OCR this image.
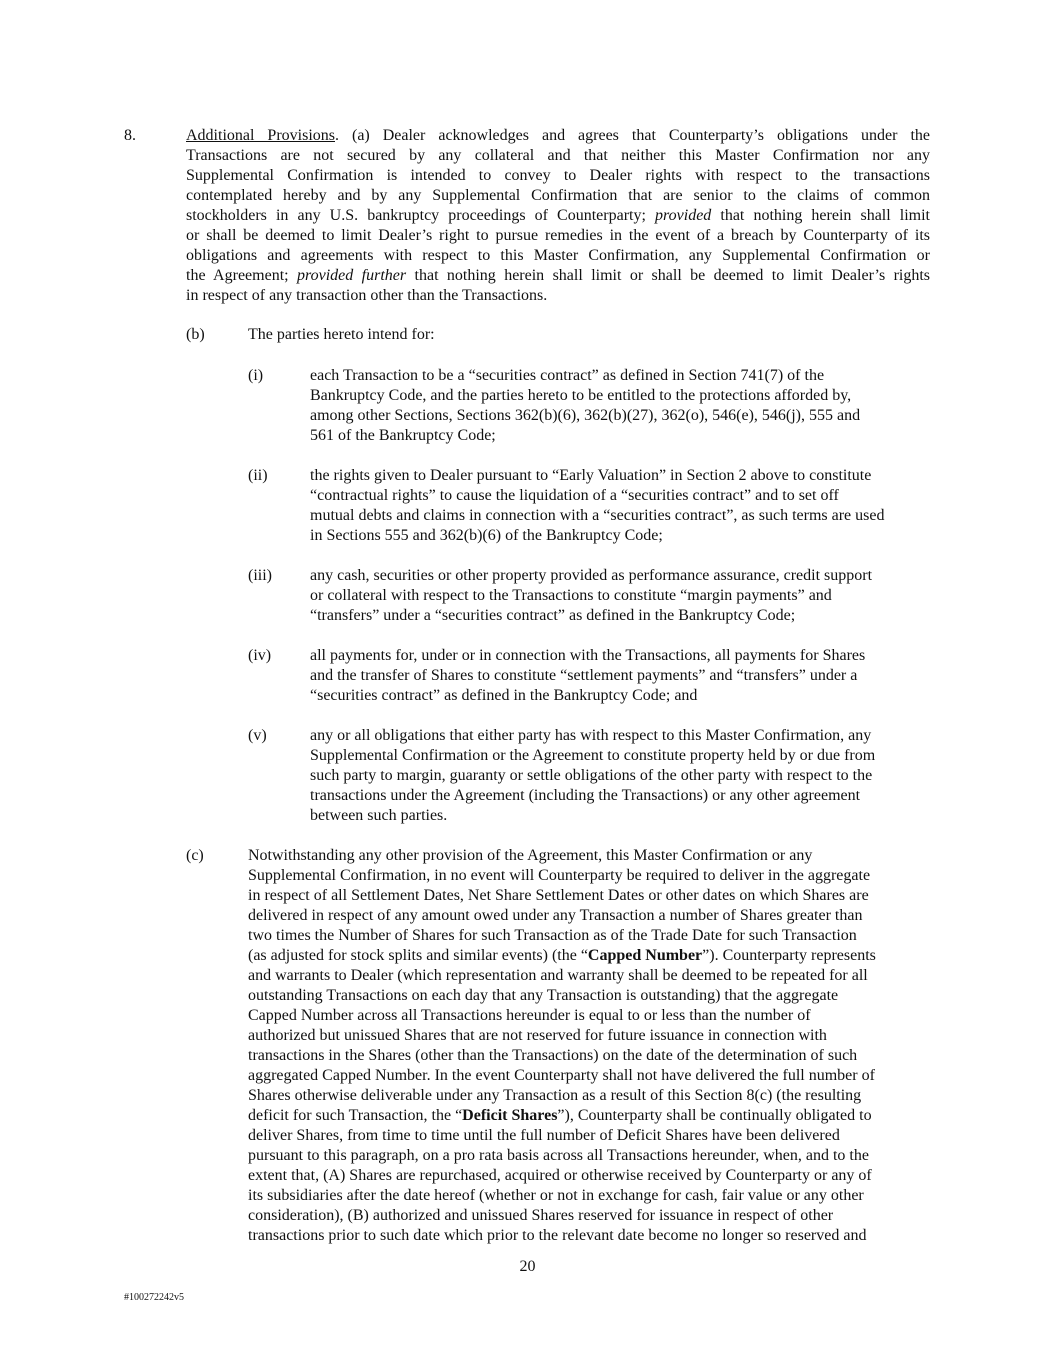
8.	Additional Provisions. (a) Dealer acknowledges and agrees that Counterparty’s obligations under the
Transactions are not secured by any collateral and that neither this Master Confirmation nor any
Supplemental Confirmation is intended to convey to Dealer rights with respect to the transactions
contemplated hereby and by any Supplemental Confirmation that are senior to the claims of common
stockholders in any U.S. bankruptcy proceedings of Counterparty; provided that nothing herein shall limit
or shall be deemed to limit Dealer’s right to pursue remedies in the event of a breach by Counterparty of its
obligations and agreements with respect to this Master Confirmation, any Supplemental Confirmation or
the Agreement; provided further that nothing herein shall limit or shall be deemed to limit Dealer’s rights
in respect of any transaction other than the Transactions.
(b)	The parties hereto intend for:
(i)	each Transaction to be a “securities contract” as defined in Section 741(7) of the
Bankruptcy Code, and the parties hereto to be entitled to the protections afforded by,
among other Sections, Sections 362(b)(6), 362(b)(27), 362(o), 546(e), 546(j), 555 and
561 of the Bankruptcy Code;
(ii)	the rights given to Dealer pursuant to “Early Valuation” in Section 2 above to constitute
“contractual rights” to cause the liquidation of a “securities contract” and to set off
mutual debts and claims in connection with a “securities contract”, as such terms are used
in Sections 555 and 362(b)(6) of the Bankruptcy Code;
(iii) any cash, securities or other property provided as performance assurance, credit support
or collateral with respect to the Transactions to constitute “margin payments” and
“transfers” under a “securities contract” as defined in the Bankruptcy Code;
(iv) all payments for, under or in connection with the Transactions, all payments for Shares
and the transfer of Shares to constitute “settlement payments” and “transfers” under a
“securities contract” as defined in the Bankruptcy Code; and
(v)	any or all obligations that either party has with respect to this Master Confirmation, any
Supplemental Confirmation or the Agreement to constitute property held by or due from
such party to margin, guaranty or settle obligations of the other party with respect to the
transactions under the Agreement (including the Transactions) or any other agreement
between such parties.
(c)	Notwithstanding any other provision of the Agreement, this Master Confirmation or any
Supplemental Confirmation, in no event will Counterparty be required to deliver in the aggregate
in respect of all Settlement Dates, Net Share Settlement Dates or other dates on which Shares are
delivered in respect of any amount owed under any Transaction a number of Shares greater than
two times the Number of Shares for such Transaction as of the Trade Date for such Transaction
(as adjusted for stock splits and similar events) (the “Capped Number”). Counterparty represents
and warrants to Dealer (which representation and warranty shall be deemed to be repeated for all
outstanding Transactions on each day that any Transaction is outstanding) that the aggregate
Capped Number across all Transactions hereunder is equal to or less than the number of
authorized but unissued Shares that are not reserved for future issuance in connection with
transactions in the Shares (other than the Transactions) on the date of the determination of such
aggregated Capped Number. In the event Counterparty shall not have delivered the full number of
Shares otherwise deliverable under any Transaction as a result of this Section 8(c) (the resulting
deficit for such Transaction, the “Deficit Shares”), Counterparty shall be continually obligated to
deliver Shares, from time to time until the full number of Deficit Shares have been delivered
pursuant to this paragraph, on a pro rata basis across all Transactions hereunder, when, and to the
extent that, (A) Shares are repurchased, acquired or otherwise received by Counterparty or any of
its subsidiaries after the date hereof (whether or not in exchange for cash, fair value or any other
consideration), (B) authorized and unissued Shares reserved for issuance in respect of other
transactions prior to such date which prior to the relevant date become no longer so reserved and
20
#100272242v5
